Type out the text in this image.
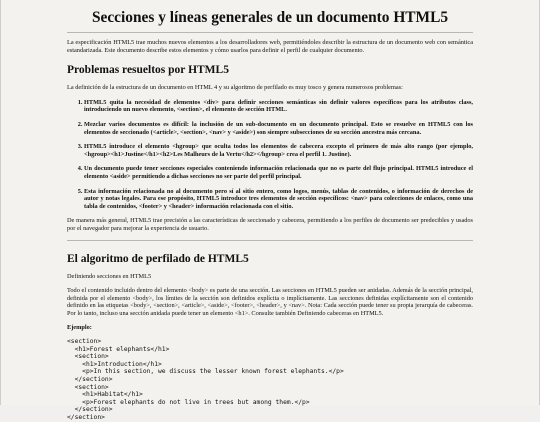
Secciones y líneas generales de un documento HTML5

La especificación HTML5 trae muchos nuevos elementos a los desarrolladores web, permitiéndoles describir la estructura de un documento web con semántica estandarizada. Este documento describe estos elementos y cómo usarlos para definir el perfil de cualquier documento.

Problemas resueltos por HTML5

La definición de la estructura de un documento en HTML 4 y su algoritmo de perfilado es muy tosco y genera numerosos problemas:

1. HTML5 quita la necesidad de elementos <div> para definir secciones semánticas sin definir valores específicos para los atributos class, introduciendo un nuevo elemento, <section>, el elemento de sección HTML.
2. Mezclar varios documentos es difícil: la inclusión de un sub-documento en un documento principal. Esto se resuelve en HTML5 con los elementos de seccionado (<article>, <section>, <nav> y <aside>) son siempre subsecciones de su sección ancestra más cercana.
3. HTML5 introduce el elemento <hgroup> que oculta todos los elementos de cabecera excepto el primero de más alto rango (por ejemplo, <hgroup><h1>Justine</h1><h2>Les Malheurs de la Vertu</h2></hgroup> crea el perfil 1. Justine).
4. Un documento puede tener secciones especiales conteniendo información relacionada que no es parte del flujo principal. HTML5 introduce el elemento <aside> permitiendo a dichas secciones no ser parte del perfil principal.
5. Esta información relacionada no al documento pero sí al sitio entero, como logos, menús, tablas de contenidos, o información de derechos de autor y notas legales. Para ese propósito, HTML5 introduce tres elementos de sección específicos: <nav> para colecciones de enlaces, como una tabla de contenidos, <footer> y <header> información relacionada con el sitio.

De manera más general, HTML5 trae precisión a las características de seccionado y cabecera, permitiendo a los perfiles de documento ser predecibles y usados por el navegador para mejorar la experiencia de usuario.

El algoritmo de perfilado de HTML5

Definiendo secciones en HTML5

Todo el contenido incluido dentro del elemento <body> es parte de una sección. Las secciones en HTML5 pueden ser anidadas. Además de la sección principal, definida por el elemento <body>, los límites de la sección son definidos explícita o implícitamente. Las secciones definidas explícitamente son el contenido definido en las etiquetas <body>, <section>, <article>, <aside>, <footer>, <header>, y <nav>. Nota: Cada sección puede tener su propia jerarquía de cabeceras. Por lo tanto, incluso una sección anidada puede tener un elemento <h1>. Consulte también Definiendo cabeceras en HTML5.

Ejemplo:

<section>
<h1>Forest elephants</h1>
<section>
<h1>Introduction</h1>
<p>In this section, we discuss the lesser known forest elephants.</p>
</section>
<section>
<h1>Habitat</h1>
<p>Forest elephants do not live in trees but among them.</p>
</section>
</section>
